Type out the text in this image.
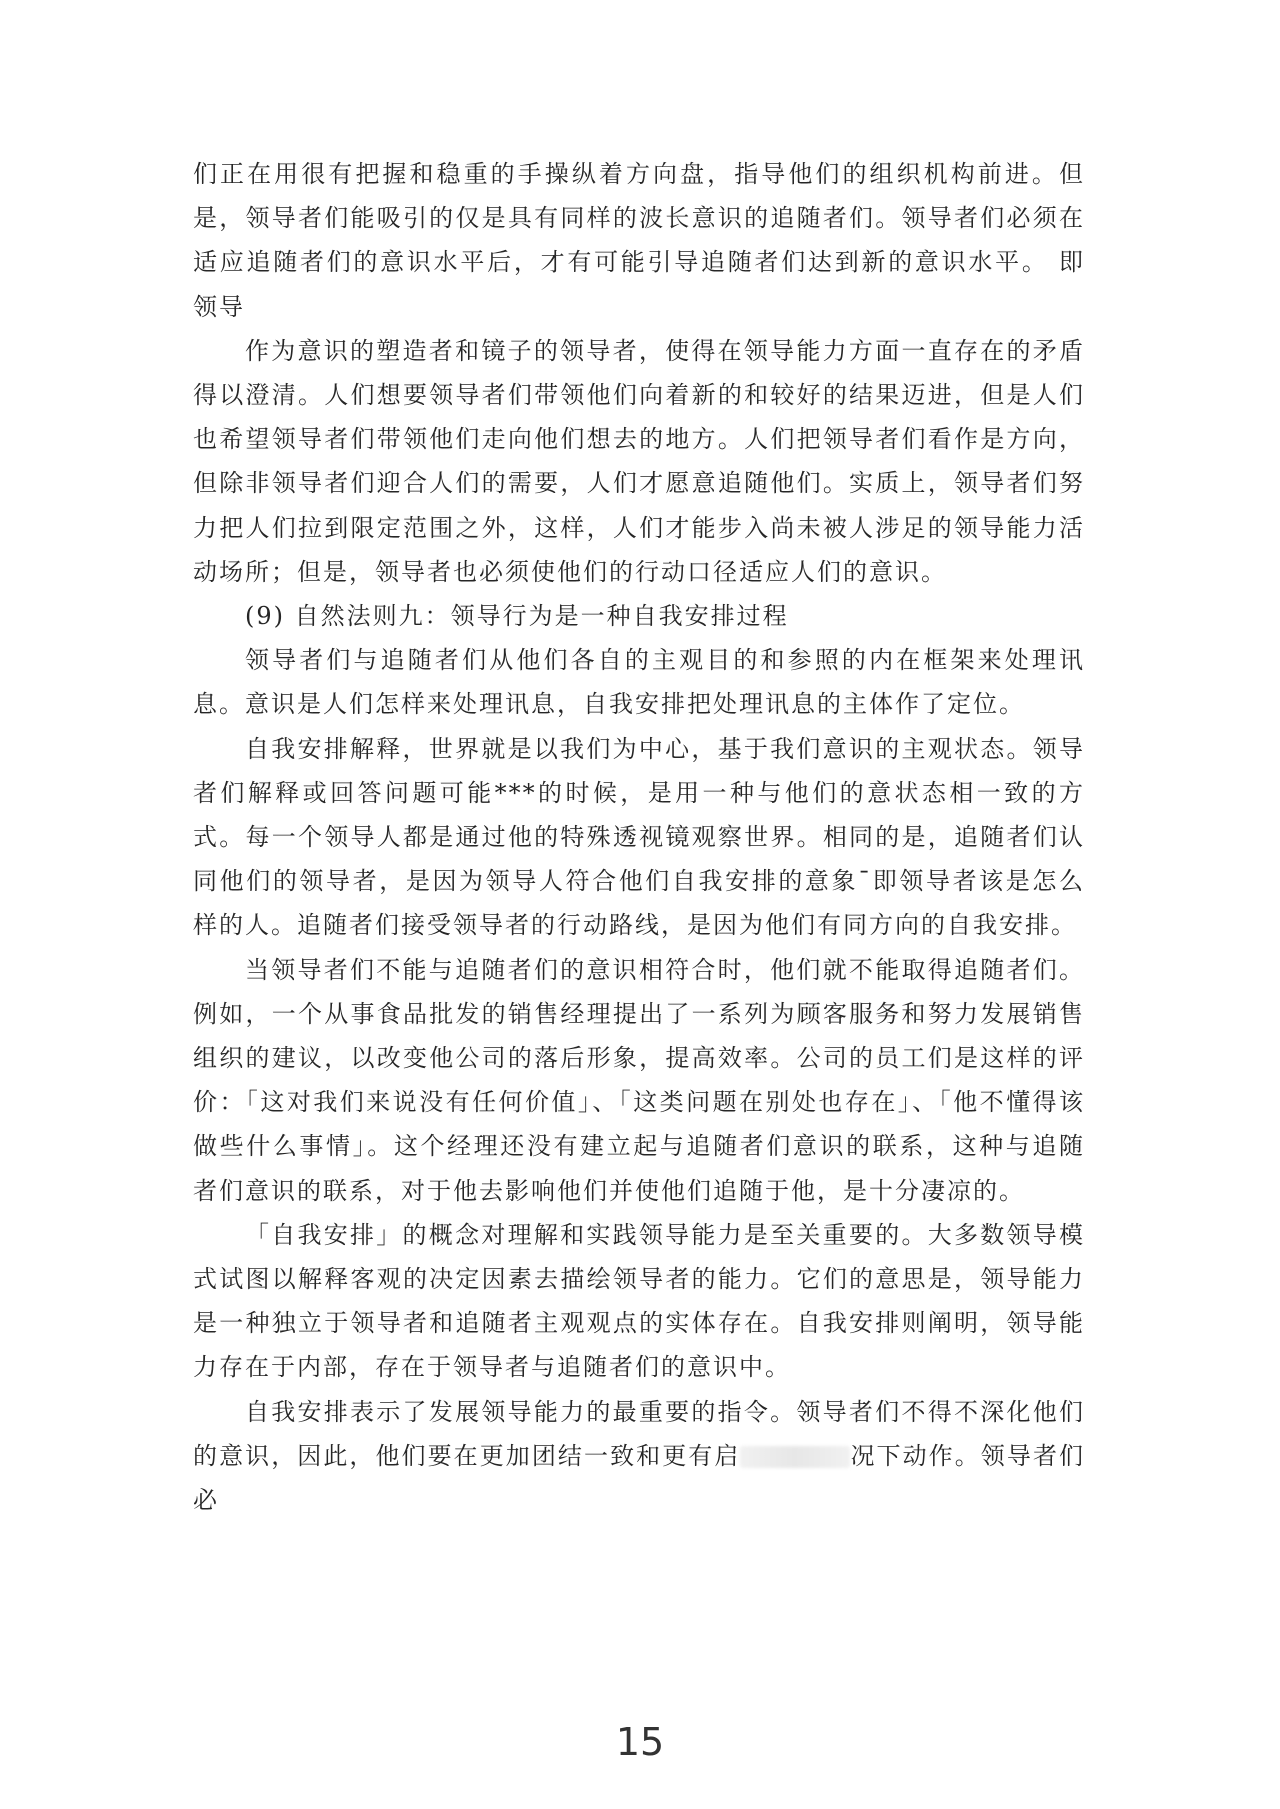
们正在用很有把握和稳重的手操纵着方向盘，指导他们的组织机构前进。但是，领导者们能吸引的仅是具有同样的波长意识的追随者们。领导者们必须在适应追随者们的意识水平后，才有可能引导追随者们达到新的意识水平。 即领导

作为意识的塑造者和镜子的领导者，使得在领导能力方面一直存在的矛盾得以澄清。人们想要领导者们带领他们向着新的和较好的结果迈进，但是人们也希望领导者们带领他们走向他们想去的地方。人们把领导者们看作是方向，但除非领导者们迎合人们的需要，人们才愿意追随他们。实质上，领导者们努力把人们拉到限定范围之外，这样，人们才能步入尚未被人涉足的领导能力活动场所；但是，领导者也必须使他们的行动口径适应人们的意识。

(9) 自然法则九：领导行为是一种自我安排过程

领导者们与追随者们从他们各自的主观目的和参照的内在框架来处理讯息。意识是人们怎样来处理讯息，自我安排把处理讯息的主体作了定位。

自我安排解释，世界就是以我们为中心，基于我们意识的主观状态。领导者们解释或回答问题可能***的时候，是用一种与他们的意状态相一致的方式。每一个领导人都是通过他的特殊透视镜观察世界。相同的是，追随者们认同他们的领导者，是因为领导人符合他们自我安排的意象ˉ即领导者该是怎么样的人。追随者们接受领导者的行动路线，是因为他们有同方向的自我安排。

当领导者们不能与追随者们的意识相符合时，他们就不能取得追随者们。例如，一个从事食品批发的销售经理提出了一系列为顾客服务和努力发展销售组织的建议，以改变他公司的落后形象，提高效率。公司的员工们是这样的评价：「这对我们来说没有任何价值」、「这类问题在别处也存在」、「他不懂得该做些什么事情」。这个经理还没有建立起与追随者们意识的联系，这种与追随者们意识的联系，对于他去影响他们并使他们追随于他，是十分凄凉的。

「自我安排」的概念对理解和实践领导能力是至关重要的。大多数领导模式试图以解释客观的决定因素去描绘领导者的能力。它们的意思是，领导能力是一种独立于领导者和追随者主观观点的实体存在。自我安排则阐明，领导能力存在于内部，存在于领导者与追随者们的意识中。

自我安排表示了发展领导能力的最重要的指令。领导者们不得不深化他们的意识，因此，他们要在更加团结一致和更有启	况下动作。领导者们必

15
